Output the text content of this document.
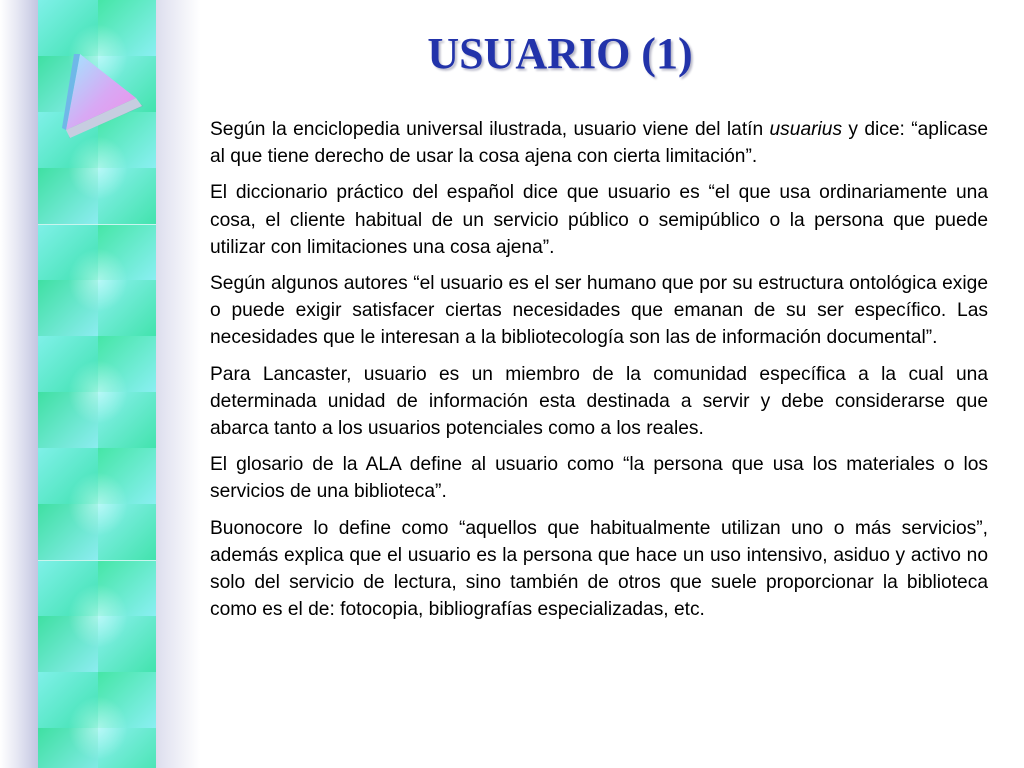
USUARIO (1)

Según la enciclopedia universal ilustrada, usuario viene del latín usuarius y dice: “aplicase al que tiene derecho de usar la cosa ajena con cierta limitación”.

El diccionario práctico del español dice que usuario es “el que usa ordinariamente una cosa, el cliente habitual de un servicio público o semipúblico o la persona que puede utilizar con limitaciones una cosa ajena”.

Según algunos autores “el usuario es el ser humano que por su estructura ontológica exige o puede exigir satisfacer ciertas necesidades que emanan de su ser específico. Las necesidades que le interesan a la bibliotecología son las de información documental”.

Para Lancaster, usuario es un miembro de la comunidad específica a la cual una determinada unidad de información esta destinada a servir y debe considerarse que abarca tanto a los usuarios potenciales como a los reales.

El glosario de la ALA define al usuario como “la persona que usa los materiales o los servicios de una biblioteca”.

Buonocore lo define como “aquellos que habitualmente utilizan uno o más servicios”, además explica que el usuario es la persona que hace un uso intensivo, asiduo y activo no solo del servicio de lectura, sino también de otros que suele proporcionar la biblioteca como es el de: fotocopia, bibliografías especializadas, etc.
